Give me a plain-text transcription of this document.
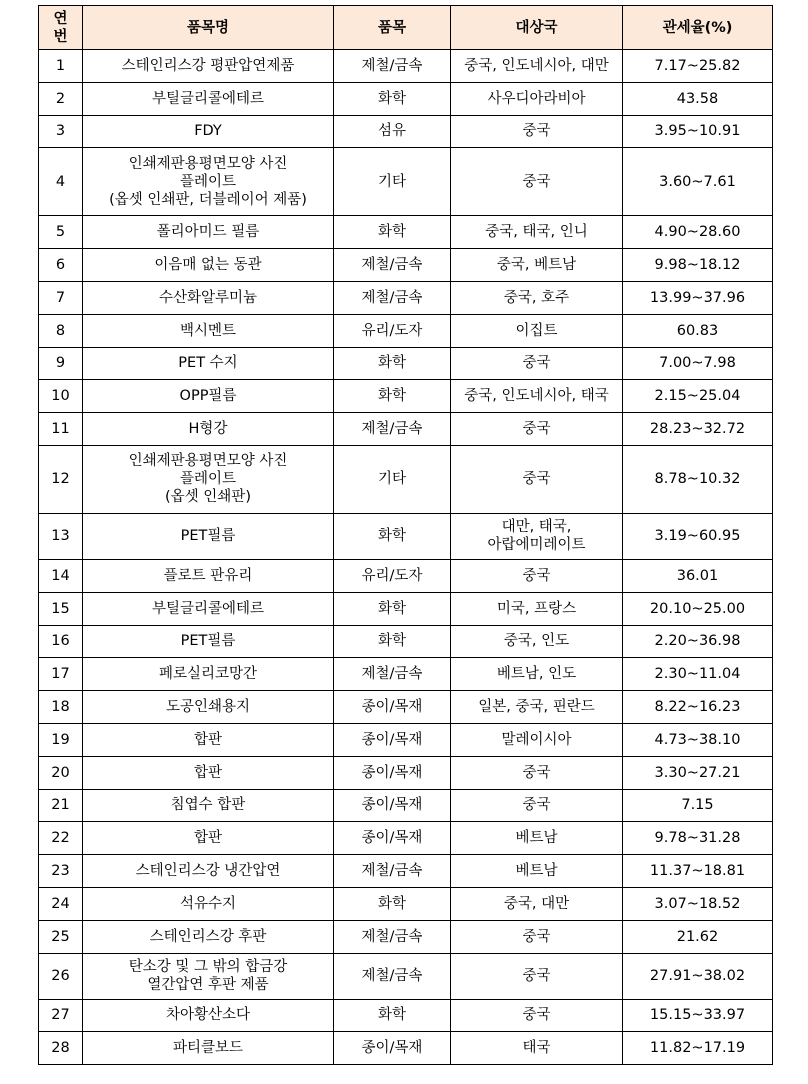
연
번	품목명	품목	대상국	관세율(%)
1	스테인리스강 평판압연제품	제철/금속	중국, 인도네시아, 대만	7.17~25.82
2	부틸글리콜에테르	화학	사우디아라비아	43.58
3	FDY	섬유	중국	3.95~10.91
4	인쇄제판용평면모양 사진
플레이트
(옵셋 인쇄판, 더블레이어 제품)	기타	중국	3.60~7.61
5	폴리아미드 필름	화학	중국, 태국, 인니	4.90~28.60
6	이음매 없는 동관	제철/금속	중국, 베트남	9.98~18.12
7	수산화알루미늄	제철/금속	중국, 호주	13.99~37.96
8	백시멘트	유리/도자	이집트	60.83
9	PET 수지	화학	중국	7.00~7.98
10	OPP필름	화학	중국, 인도네시아, 태국	2.15~25.04
11	H형강	제철/금속	중국	28.23~32.72
12	인쇄제판용평면모양 사진
플레이트
(옵셋 인쇄판)	기타	중국	8.78~10.32
13	PET필름	화학	대만, 태국,
아랍에미레이트	3.19~60.95
14	플로트 판유리	유리/도자	중국	36.01
15	부틸글리콜에테르	화학	미국, 프랑스	20.10~25.00
16	PET필름	화학	중국, 인도	2.20~36.98
17	페로실리코망간	제철/금속	베트남, 인도	2.30~11.04
18	도공인쇄용지	종이/목재	일본, 중국, 핀란드	8.22~16.23
19	합판	종이/목재	말레이시아	4.73~38.10
20	합판	종이/목재	중국	3.30~27.21
21	침엽수 합판	종이/목재	중국	7.15
22	합판	종이/목재	베트남	9.78~31.28
23	스테인리스강 냉간압연	제철/금속	베트남	11.37~18.81
24	석유수지	화학	중국, 대만	3.07~18.52
25	스테인리스강 후판	제철/금속	중국	21.62
26	탄소강 및 그 밖의 합금강
열간압연 후판 제품	제철/금속	중국	27.91~38.02
27	차아황산소다	화학	중국	15.15~33.97
28	파티클보드	종이/목재	태국	11.82~17.19
